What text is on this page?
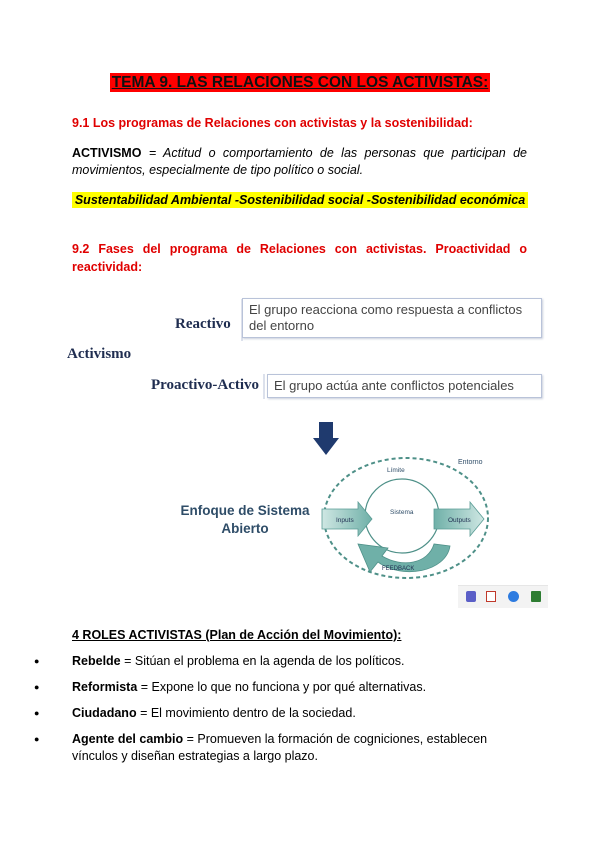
TEMA 9. LAS RELACIONES CON LOS ACTIVISTAS:
9.1 Los programas de Relaciones con activistas y la sostenibilidad:
ACTIVISMO = Actitud o comportamiento de las personas que participan de movimientos, especialmente de tipo político o social.
Sustentabilidad Ambiental -Sostenibilidad social -Sostenibilidad económica
9.2 Fases del programa de Relaciones con activistas. Proactividad o reactividad:
Reactivo
El grupo reacciona como respuesta a conflictos del entorno
Activismo
Proactivo-Activo	El grupo actúa ante conflictos potenciales
Enfoque de Sistema
Abierto
Entorno
Límite
Sistema
Inputs	Outputs
FEEDBACK
4 ROLES ACTIVISTAS (Plan de Acción del Movimiento):
● Rebelde = Sitúan el problema en la agenda de los políticos.
● Reformista = Expone lo que no funciona y por qué alternativas.
● Ciudadano = El movimiento dentro de la sociedad.
● Agente del cambio = Promueven la formación de cogniciones, establecen vínculos y diseñan estrategias a largo plazo.
